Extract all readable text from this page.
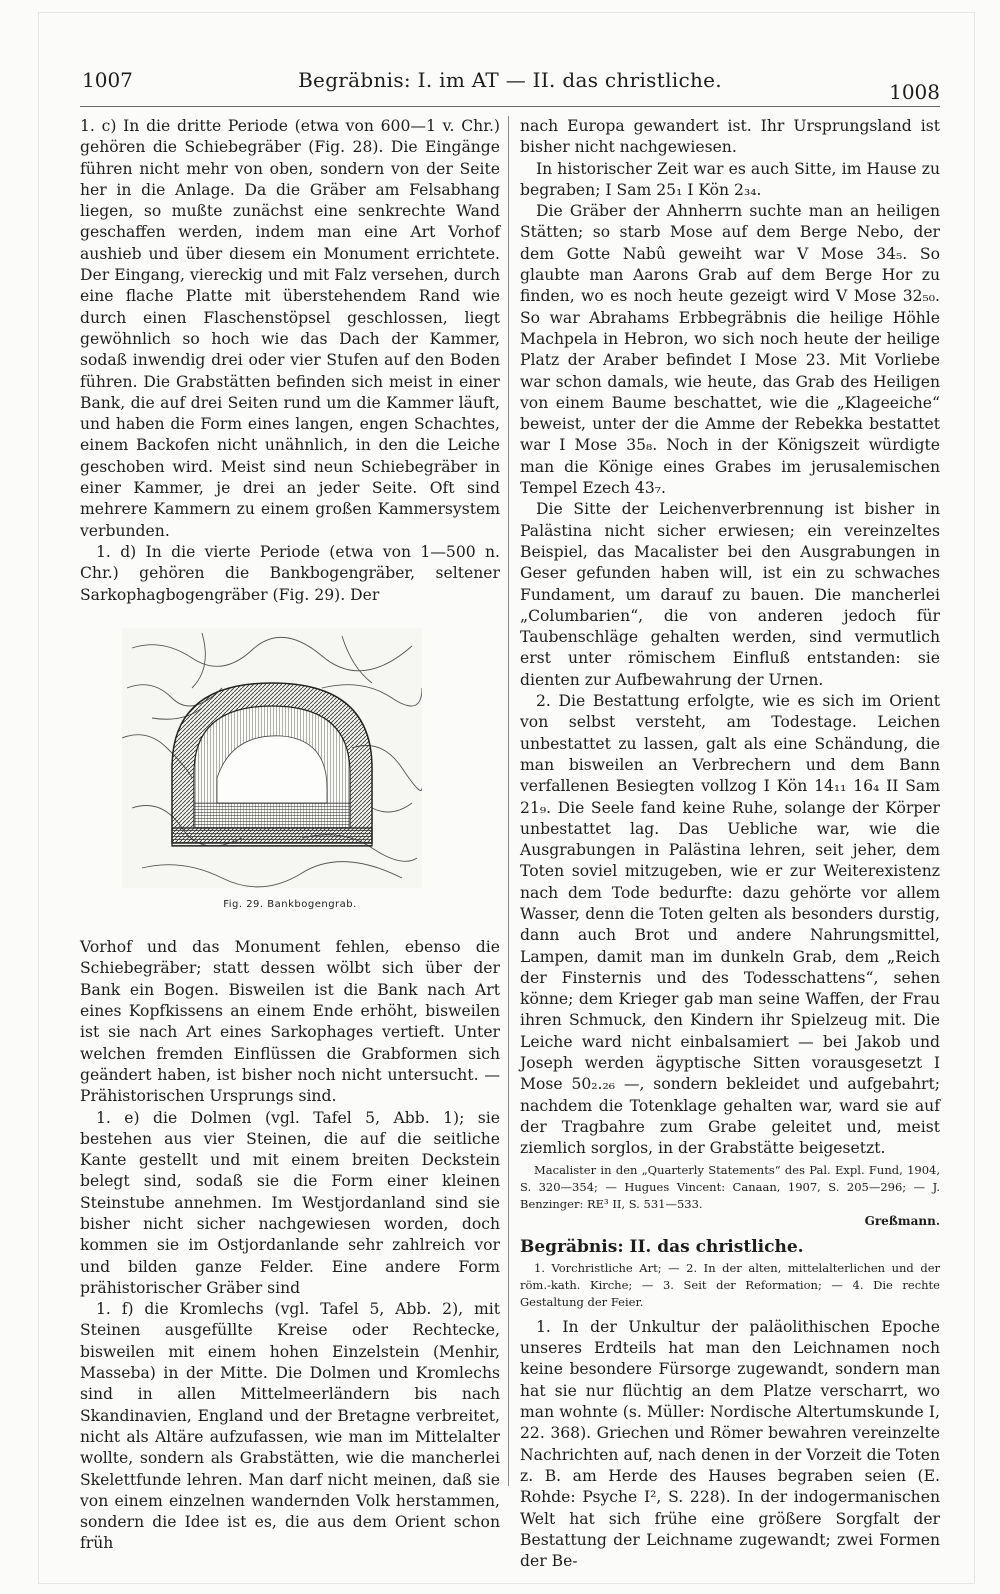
1007	Begräbnis: I. im AT — II. das christliche.	1008

1. c) In die dritte Periode (etwa von 600—1 v. Chr.) gehören die Schiebegräber (Fig. 28). Die Eingänge führen nicht mehr von oben, sondern von der Seite her in die Anlage. Da die Gräber am Felsabhang liegen, so mußte zunächst eine senkrechte Wand geschaffen werden, indem man eine Art Vorhof aushieb und über diesem ein Monument errichtete. Der Eingang, viereckig und mit Falz versehen, durch eine flache Platte mit überstehendem Rand wie durch einen Flaschenstöpsel geschlossen, liegt gewöhnlich so hoch wie das Dach der Kammer, sodaß inwendig drei oder vier Stufen auf den Boden führen. Die Grabstätten befinden sich meist in einer Bank, die auf drei Seiten rund um die Kammer läuft, und haben die Form eines langen, engen Schachtes, einem Backofen nicht unähnlich, in den die Leiche geschoben wird. Meist sind neun Schiebegräber in einer Kammer, je drei an jeder Seite. Oft sind mehrere Kammern zu einem großen Kammersystem verbunden.

1. d) In die vierte Periode (etwa von 1—500 n. Chr.) gehören die Bankbogengräber, seltener Sarkophagbogengräber (Fig. 29). Der

Fig. 29. Bankbogengrab.

Vorhof und das Monument fehlen, ebenso die Schiebegräber; statt dessen wölbt sich über der Bank ein Bogen. Bisweilen ist die Bank nach Art eines Kopfkissens an einem Ende erhöht, bisweilen ist sie nach Art eines Sarkophages vertieft. Unter welchen fremden Einflüssen die Grabformen sich geändert haben, ist bisher noch nicht untersucht. — Prähistorischen Ursprungs sind.

1. e) die Dolmen (vgl. Tafel 5, Abb. 1); sie bestehen aus vier Steinen, die auf die seitliche Kante gestellt und mit einem breiten Deckstein belegt sind, sodaß sie die Form einer kleinen Steinstube annehmen. Im Westjordanland sind sie bisher nicht sicher nachgewiesen worden, doch kommen sie im Ostjordanlande sehr zahlreich vor und bilden ganze Felder. Eine andere Form prähistorischer Gräber sind

1. f) die Kromlechs (vgl. Tafel 5, Abb. 2), mit Steinen ausgefüllte Kreise oder Rechtecke, bisweilen mit einem hohen Einzelstein (Menhir, Masseba) in der Mitte. Die Dolmen und Kromlechs sind in allen Mittelmeerländern bis nach Skandinavien, England und der Bretagne verbreitet, nicht als Altäre aufzufassen, wie man im Mittelalter wollte, sondern als Grabstätten, wie die mancherlei Skelettfunde lehren. Man darf nicht meinen, daß sie von einem einzelnen wandernden Volk herstammen, sondern die Idee ist es, die aus dem Orient schon früh

nach Europa gewandert ist. Ihr Ursprungsland ist bisher nicht nachgewiesen.

In historischer Zeit war es auch Sitte, im Hause zu begraben; I Sam 25₁ I Kön 2₃₄.

Die Gräber der Ahnherrn suchte man an heiligen Stätten; so starb Mose auf dem Berge Nebo, der dem Gotte Nabû geweiht war V Mose 34₅. So glaubte man Aarons Grab auf dem Berge Hor zu finden, wo es noch heute gezeigt wird V Mose 32₅₀. So war Abrahams Erbbegräbnis die heilige Höhle Machpela in Hebron, wo sich noch heute der heilige Platz der Araber befindet I Mose 23. Mit Vorliebe war schon damals, wie heute, das Grab des Heiligen von einem Baume beschattet, wie die „Klageeiche“ beweist, unter der die Amme der Rebekka bestattet war I Mose 35₈. Noch in der Königszeit würdigte man die Könige eines Grabes im jerusalemischen Tempel Ezech 43₇.

Die Sitte der Leichenverbrennung ist bisher in Palästina nicht sicher erwiesen; ein vereinzeltes Beispiel, das Macalister bei den Ausgrabungen in Geser gefunden haben will, ist ein zu schwaches Fundament, um darauf zu bauen. Die mancherlei „Columbarien“, die von anderen jedoch für Taubenschläge gehalten werden, sind vermutlich erst unter römischem Einfluß entstanden: sie dienten zur Aufbewahrung der Urnen.

2. Die Bestattung erfolgte, wie es sich im Orient von selbst versteht, am Todestage. Leichen unbestattet zu lassen, galt als eine Schändung, die man bisweilen an Verbrechern und dem Bann verfallenen Besiegten vollzog I Kön 14₁₁ 16₄ II Sam 21₉. Die Seele fand keine Ruhe, solange der Körper unbestattet lag. Das Uebliche war, wie die Ausgrabungen in Palästina lehren, seit jeher, dem Toten soviel mitzugeben, wie er zur Weiterexistenz nach dem Tode bedurfte: dazu gehörte vor allem Wasser, denn die Toten gelten als besonders durstig, dann auch Brot und andere Nahrungsmittel, Lampen, damit man im dunkeln Grab, dem „Reich der Finsternis und des Todesschattens“, sehen könne; dem Krieger gab man seine Waffen, der Frau ihren Schmuck, den Kindern ihr Spielzeug mit. Die Leiche ward nicht einbalsamiert — bei Jakob und Joseph werden ägyptische Sitten vorausgesetzt I Mose 50₂.₂₆ —, sondern bekleidet und aufgebahrt; nachdem die Totenklage gehalten war, ward sie auf der Tragbahre zum Grabe geleitet und, meist ziemlich sorglos, in der Grabstätte beigesetzt.

Macalister in den „Quarterly Statements“ des Pal. Expl. Fund, 1904, S. 320—354; — Hugues Vincent: Canaan, 1907, S. 205—296; — J. Benzinger: RE³ II, S. 531—533.

Greßmann.
Begräbnis: II. das christliche.

1. Vorchristliche Art; — 2. In der alten, mittelalterlichen und der röm.-kath. Kirche; — 3. Seit der Reformation; — 4. Die rechte Gestaltung der Feier.

1. In der Unkultur der paläolithischen Epoche unseres Erdteils hat man den Leichnamen noch keine besondere Fürsorge zugewandt, sondern man hat sie nur flüchtig an dem Platze verscharrt, wo man wohnte (s. Müller: Nordische Altertumskunde I, 22. 368). Griechen und Römer bewahren vereinzelte Nachrichten auf, nach denen in der Vorzeit die Toten z. B. am Herde des Hauses begraben seien (E. Rohde: Psyche I², S. 228). In der indogermanischen Welt hat sich frühe eine größere Sorgfalt der Bestattung der Leichname zugewandt; zwei Formen der Be-
